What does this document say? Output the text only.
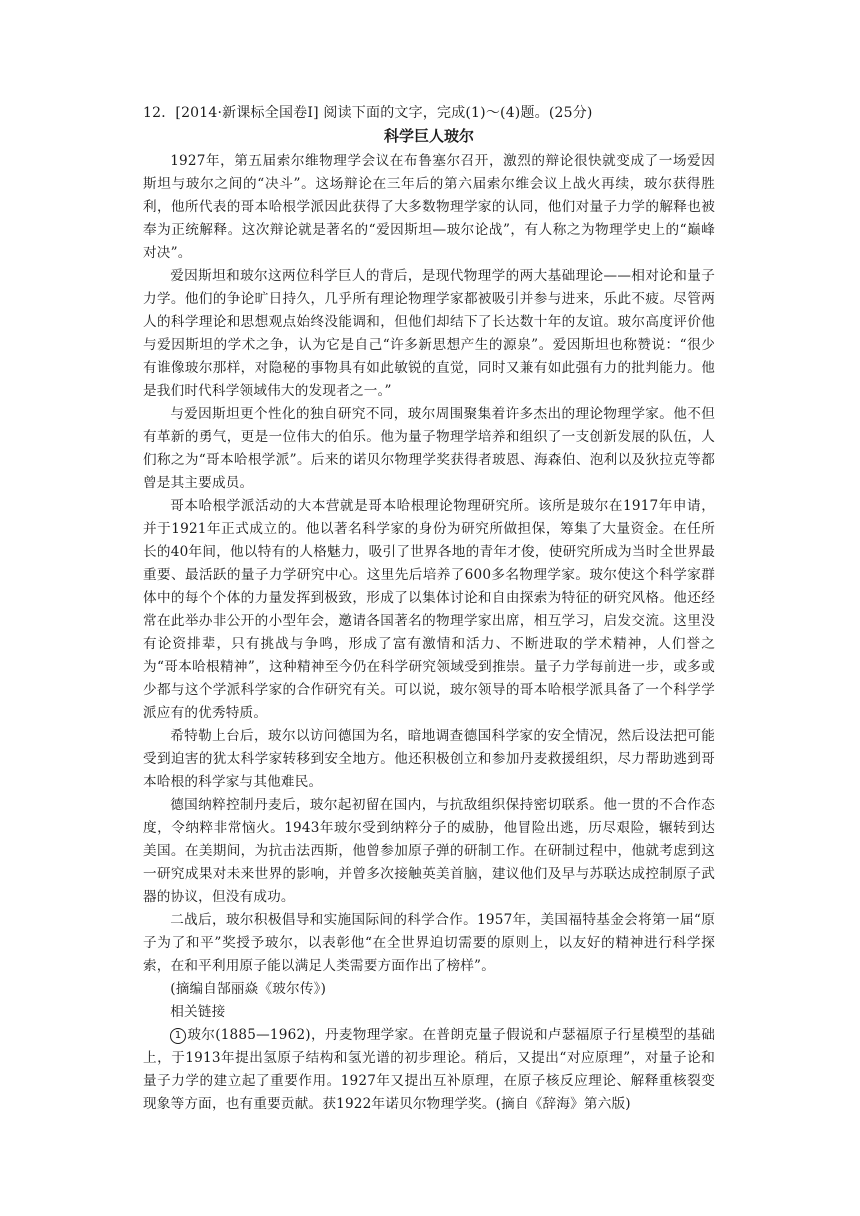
12．[2014·新课标全国卷Ⅰ] 阅读下面的文字，完成(1)～(4)题。(25分)
科学巨人玻尔

1927年，第五届索尔维物理学会议在布鲁塞尔召开，激烈的辩论很快就变成了一场爱因斯坦与玻尔之间的“决斗”。这场辩论在三年后的第六届索尔维会议上战火再续，玻尔获得胜利，他所代表的哥本哈根学派因此获得了大多数物理学家的认同，他们对量子力学的解释也被奉为正统解释。这次辩论就是著名的“爱因斯坦—玻尔论战”，有人称之为物理学史上的“巅峰对决”。

爱因斯坦和玻尔这两位科学巨人的背后，是现代物理学的两大基础理论——相对论和量子力学。他们的争论旷日持久，几乎所有理论物理学家都被吸引并参与进来，乐此不疲。尽管两人的科学理论和思想观点始终没能调和，但他们却结下了长达数十年的友谊。玻尔高度评价他与爱因斯坦的学术之争，认为它是自己“许多新思想产生的源泉”。爱因斯坦也称赞说：“很少有谁像玻尔那样，对隐秘的事物具有如此敏锐的直觉，同时又兼有如此强有力的批判能力。他是我们时代科学领域伟大的发现者之一。”

与爱因斯坦更个性化的独自研究不同，玻尔周围聚集着许多杰出的理论物理学家。他不但有革新的勇气，更是一位伟大的伯乐。他为量子物理学培养和组织了一支创新发展的队伍，人们称之为“哥本哈根学派”。后来的诺贝尔物理学奖获得者玻恩、海森伯、泡利以及狄拉克等都曾是其主要成员。

哥本哈根学派活动的大本营就是哥本哈根理论物理研究所。该所是玻尔在1917年申请，并于1921年正式成立的。他以著名科学家的身份为研究所做担保，筹集了大量资金。在任所长的40年间，他以特有的人格魅力，吸引了世界各地的青年才俊，使研究所成为当时全世界最重要、最活跃的量子力学研究中心。这里先后培养了600多名物理学家。玻尔使这个科学家群体中的每个个体的力量发挥到极致，形成了以集体讨论和自由探索为特征的研究风格。他还经常在此举办非公开的小型年会，邀请各国著名的物理学家出席，相互学习，启发交流。这里没有论资排辈，只有挑战与争鸣，形成了富有激情和活力、不断进取的学术精神，人们誉之为“哥本哈根精神”，这种精神至今仍在科学研究领域受到推崇。量子力学每前进一步，或多或少都与这个学派科学家的合作研究有关。可以说，玻尔领导的哥本哈根学派具备了一个科学学派应有的优秀特质。

希特勒上台后，玻尔以访问德国为名，暗地调查德国科学家的安全情况，然后设法把可能受到迫害的犹太科学家转移到安全地方。他还积极创立和参加丹麦救援组织，尽力帮助逃到哥本哈根的科学家与其他难民。

德国纳粹控制丹麦后，玻尔起初留在国内，与抗敌组织保持密切联系。他一贯的不合作态度，令纳粹非常恼火。1943年玻尔受到纳粹分子的威胁，他冒险出逃，历尽艰险，辗转到达美国。在美期间，为抗击法西斯，他曾参加原子弹的研制工作。在研制过程中，他就考虑到这一研究成果对未来世界的影响，并曾多次接触英美首脑，建议他们及早与苏联达成控制原子武器的协议，但没有成功。

二战后，玻尔积极倡导和实施国际间的科学合作。1957年，美国福特基金会将第一届“原子为了和平”奖授予玻尔，以表彰他“在全世界迫切需要的原则上，以友好的精神进行科学探索，在和平利用原子能以满足人类需要方面作出了榜样”。

(摘编自郜丽焱《玻尔传》)

相关链接

1 玻尔(1885—1962)，丹麦物理学家。在普朗克量子假说和卢瑟福原子行星模型的基础上，于1913年提出氢原子结构和氢光谱的初步理论。稍后，又提出“对应原理”，对量子论和量子力学的建立起了重要作用。1927年又提出互补原理，在原子核反应理论、解释重核裂变现象等方面，也有重要贡献。获1922年诺贝尔物理学奖。(摘自《辞海》第六版)
